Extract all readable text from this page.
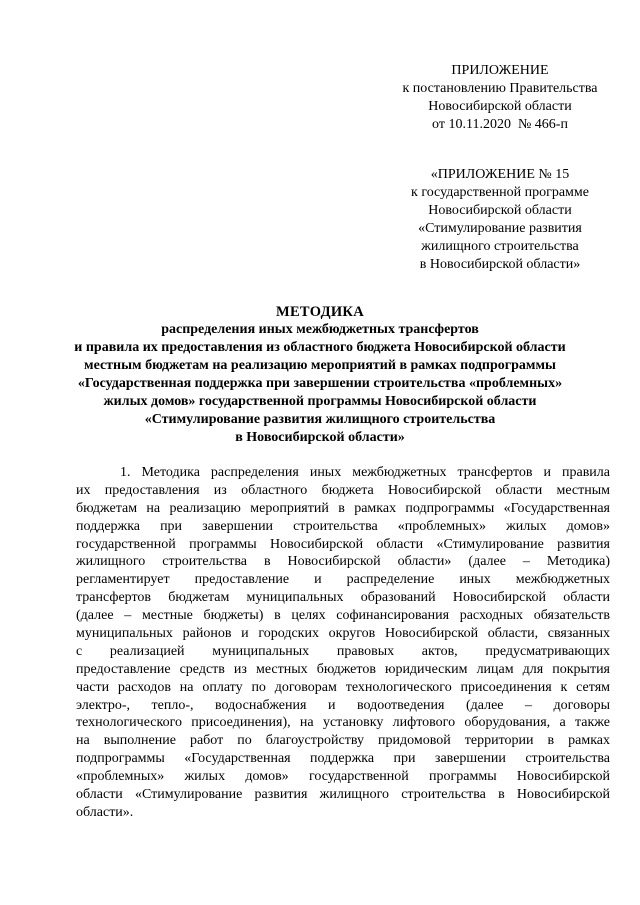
ПРИЛОЖЕНИЕ
к постановлению Правительства
Новосибирской области
от 10.11.2020  № 466-п
«ПРИЛОЖЕНИЕ № 15
к государственной программе
Новосибирской области
«Стимулирование развития
жилищного строительства
в Новосибирской области»
МЕТОДИКА
распределения иных межбюджетных трансфертов
и правила их предоставления из областного бюджета Новосибирской области
местным бюджетам на реализацию мероприятий в рамках подпрограммы
«Государственная поддержка при завершении строительства «проблемных»
жилых домов» государственной программы Новосибирской области
«Стимулирование развития жилищного строительства
в Новосибирской области»
1. Методика распределения иных межбюджетных трансфертов и правила
их предоставления из областного бюджета Новосибирской области местным
бюджетам на реализацию мероприятий в рамках подпрограммы «Государственная
поддержка при завершении строительства «проблемных» жилых домов»
государственной программы Новосибирской области «Стимулирование развития
жилищного строительства в Новосибирской области» (далее – Методика)
регламентирует предоставление и распределение иных межбюджетных
трансфертов бюджетам муниципальных образований Новосибирской области
(далее – местные бюджеты) в целях софинансирования расходных обязательств
муниципальных районов и городских округов Новосибирской области, связанных
с реализацией муниципальных правовых актов, предусматривающих
предоставление средств из местных бюджетов юридическим лицам для покрытия
части расходов на оплату по договорам технологического присоединения к сетям
электро-, тепло-, водоснабжения и водоотведения (далее – договоры
технологического присоединения), на установку лифтового оборудования, а также
на выполнение работ по благоустройству придомовой территории в рамках
подпрограммы «Государственная поддержка при завершении строительства
«проблемных» жилых домов» государственной программы Новосибирской
области «Стимулирование развития жилищного строительства в Новосибирской
области».
